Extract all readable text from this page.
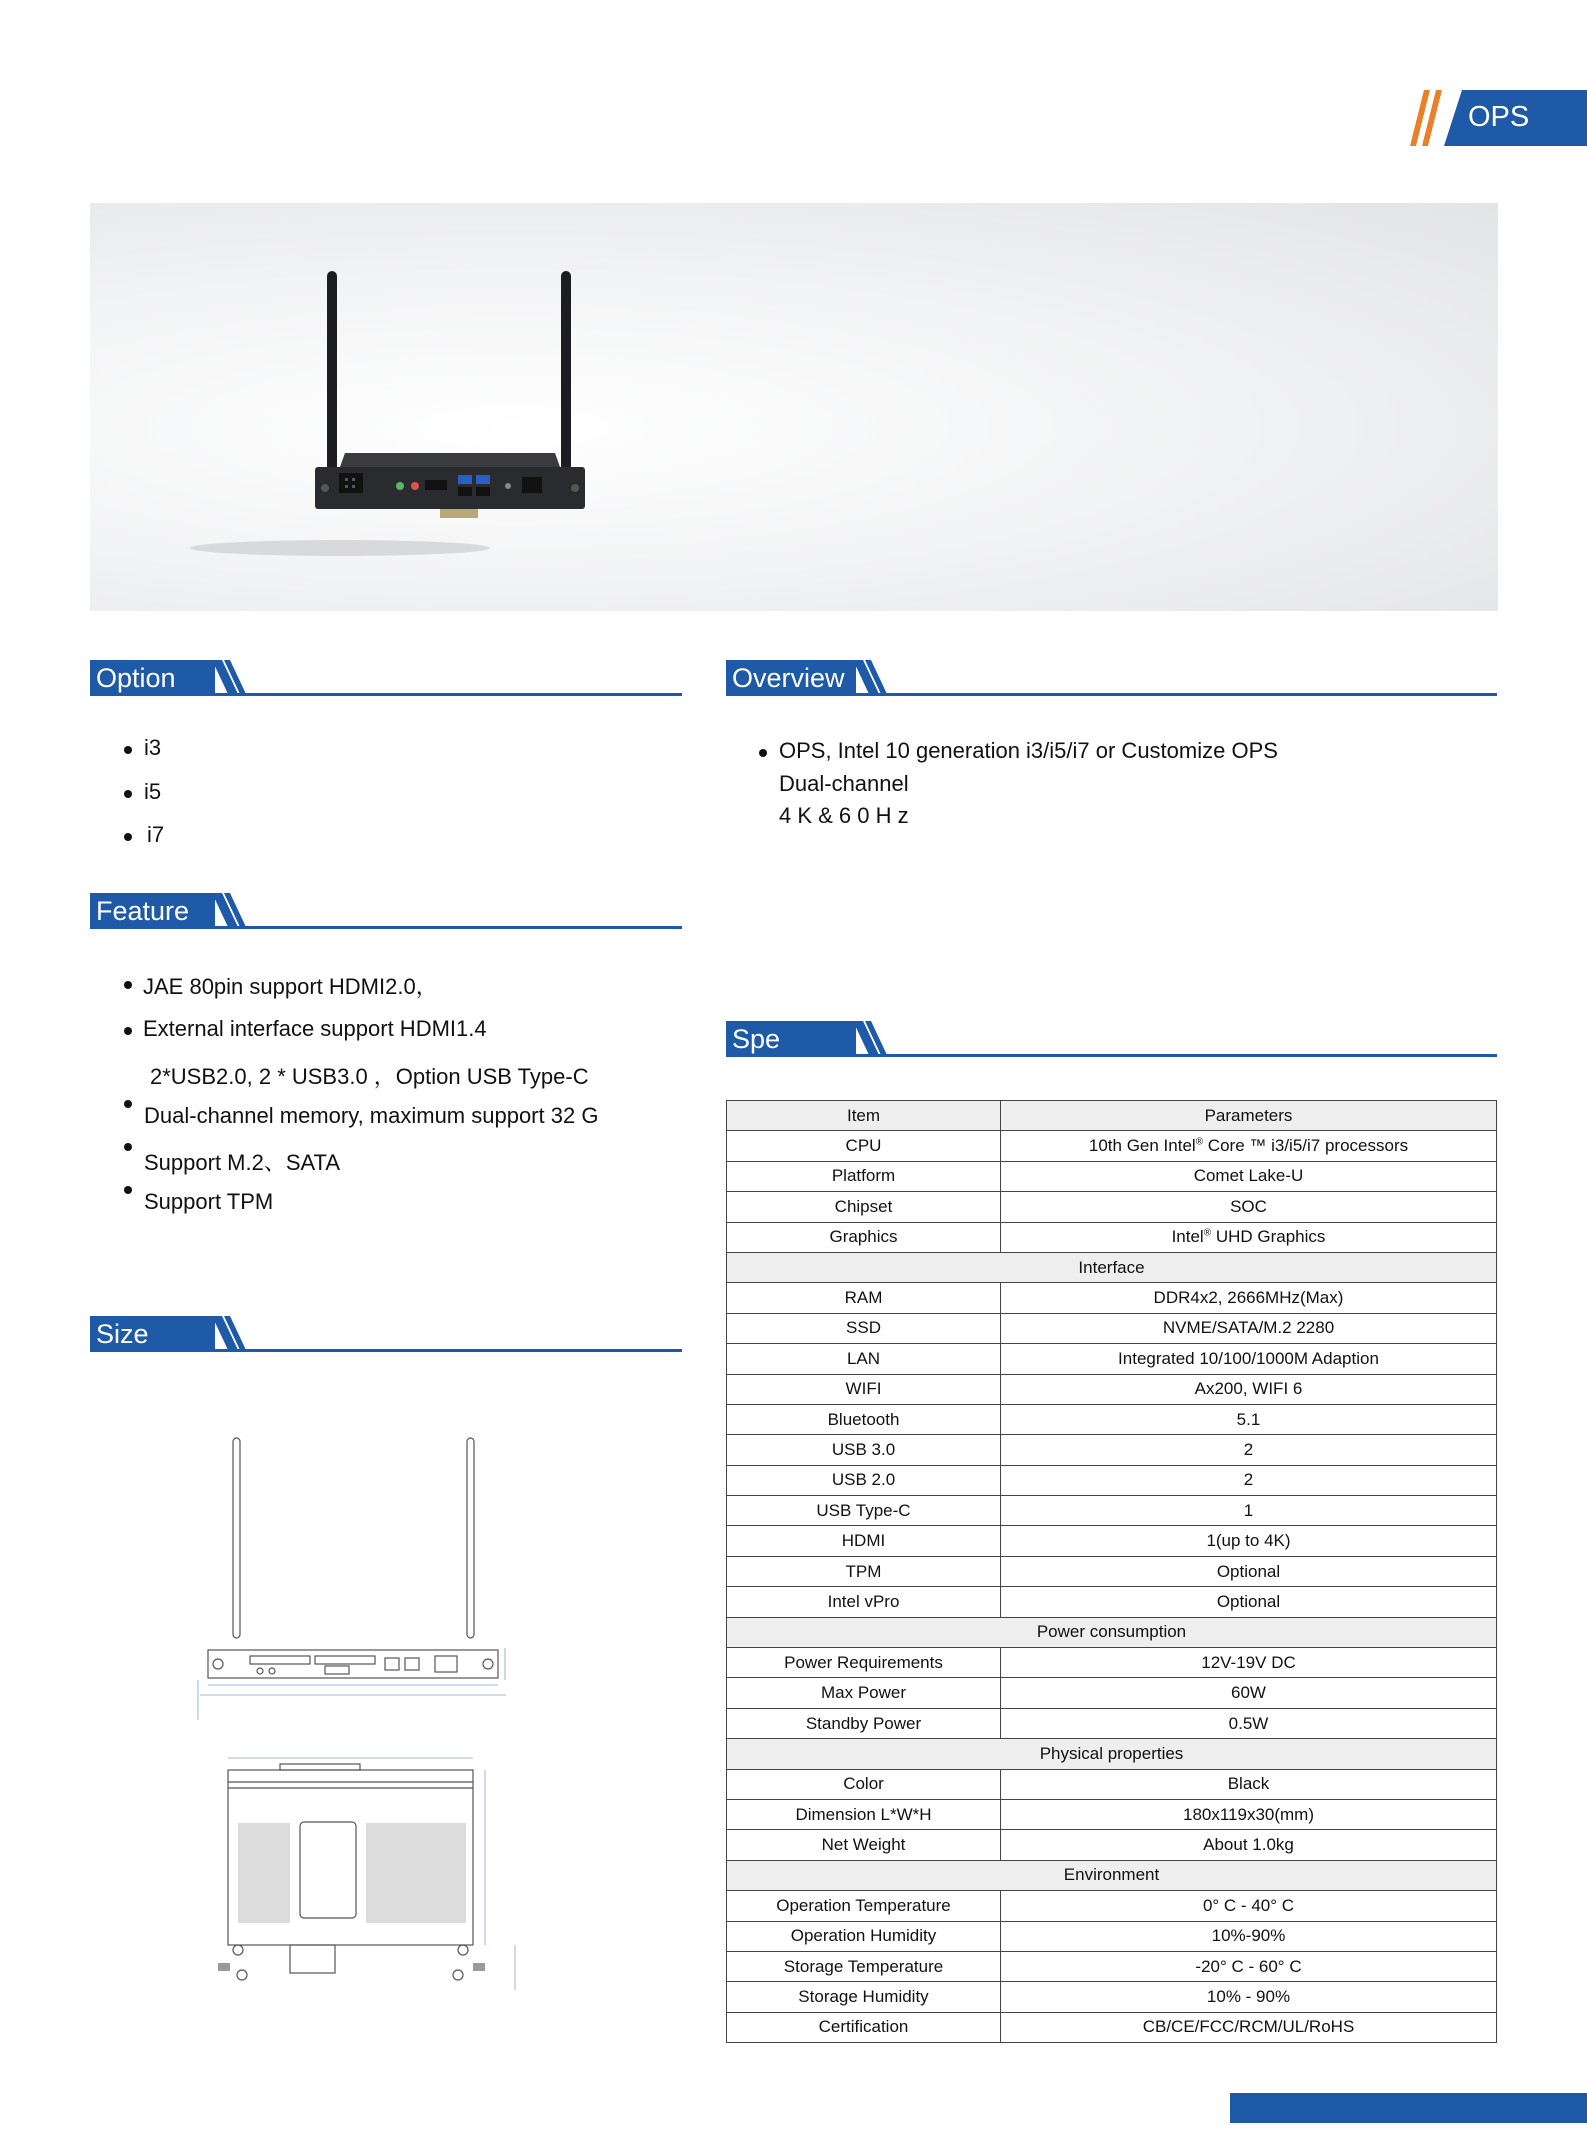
OPS
Option
i3
i5
i7
Overview
OPS, Intel 10 generation i3/i5/i7 or Customize OPS
Dual-channel
4 K & 6 0 H z
Feature
JAE 80pin support HDMI2.0，
External interface support HDMI1.4
2*USB2.0, 2 * USB3.0 ，Option USB Type-C
Dual-channel memory, maximum support 32 G
Support M.2、SATA
Support TPM
Size
Spe
Item	Parameters
CPU	10th Gen Intel® Core ™ i3/i5/i7 processors
Platform	Comet Lake-U
Chipset	SOC
Graphics	Intel® UHD Graphics
Interface	
RAM	DDR4x2, 2666MHz(Max)
SSD	NVME/SATA/M.2 2280
LAN	Integrated 10/100/1000M Adaption
WIFI	Ax200, WIFI 6
Bluetooth	5.1
USB 3.0	2
USB 2.0	2
USB Type-C	1
HDMI	1(up to 4K)
TPM	Optional
Intel vPro	Optional
Power consumption	
Power Requirements	12V-19V DC
Max Power	60W
Standby Power	0.5W
Physical properties	
Color	Black
Dimension L*W*H	180x119x30(mm)
Net Weight	About 1.0kg
Environment	
Operation Temperature	0° C - 40° C
Operation Humidity	10%-90%
Storage Temperature	-20° C - 60° C
Storage Humidity	10% - 90%
Certification	CB/CE/FCC/RCM/UL/RoHS
